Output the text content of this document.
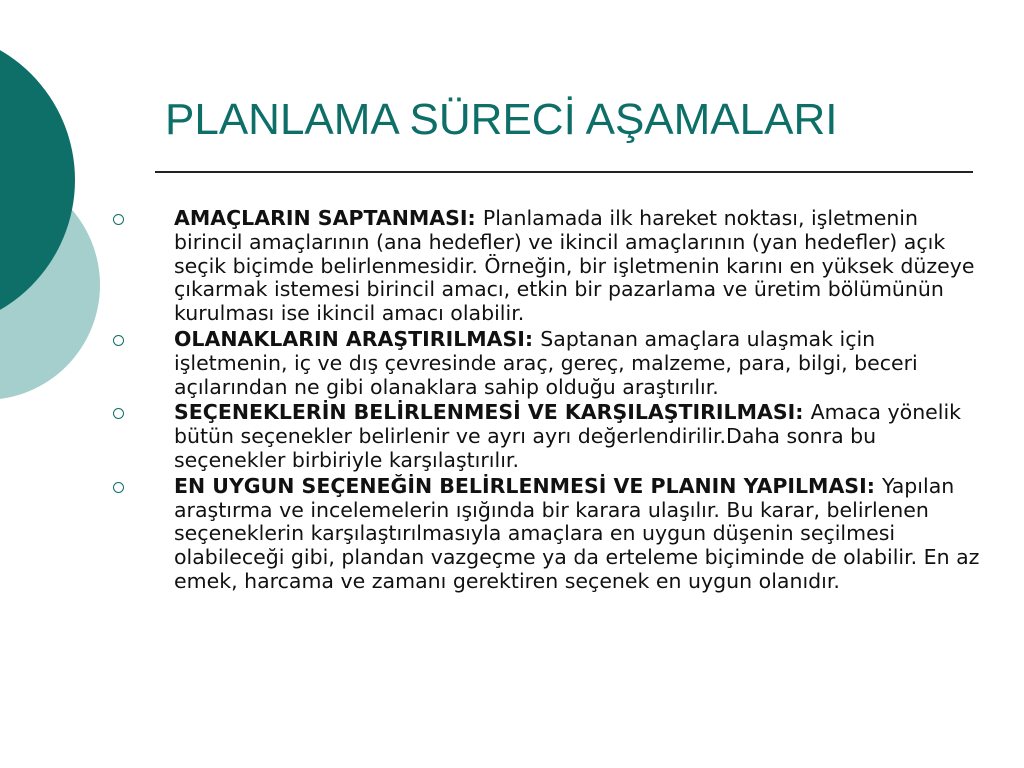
PLANLAMA SÜRECİ AŞAMALARI
AMAÇLARIN SAPTANMASI: Planlamada ilk hareket noktası, işletmenin birincil amaçlarının (ana hedefler) ve ikincil amaçlarının (yan hedefler) açık seçik biçimde belirlenmesidir. Örneğin, bir işletmenin karını en yüksek düzeye çıkarmak istemesi birincil amacı, etkin bir pazarlama ve üretim bölümünün kurulması ise ikincil amacı olabilir.
OLANAKLARIN ARAŞTIRILMASI: Saptanan amaçlara ulaşmak için işletmenin, iç ve dış çevresinde araç, gereç, malzeme, para, bilgi, beceri açılarından ne gibi olanaklara sahip olduğu araştırılır.
SEÇENEKLERİN BELİRLENMESİ VE KARŞILAŞTIRILMASI: Amaca yönelik bütün seçenekler belirlenir ve ayrı ayrı değerlendirilir.Daha sonra bu seçenekler birbiriyle karşılaştırılır.
EN UYGUN SEÇENEĞİN BELİRLENMESİ VE PLANIN YAPILMASI: Yapılan araştırma ve incelemelerin ışığında bir karara ulaşılır. Bu karar, belirlenen seçeneklerin karşılaştırılmasıyla amaçlara en uygun düşenin seçilmesi olabileceği gibi, plandan vazgeçme ya da erteleme biçiminde de olabilir. En az emek, harcama ve zamanı gerektiren seçenek en uygun olanıdır.
